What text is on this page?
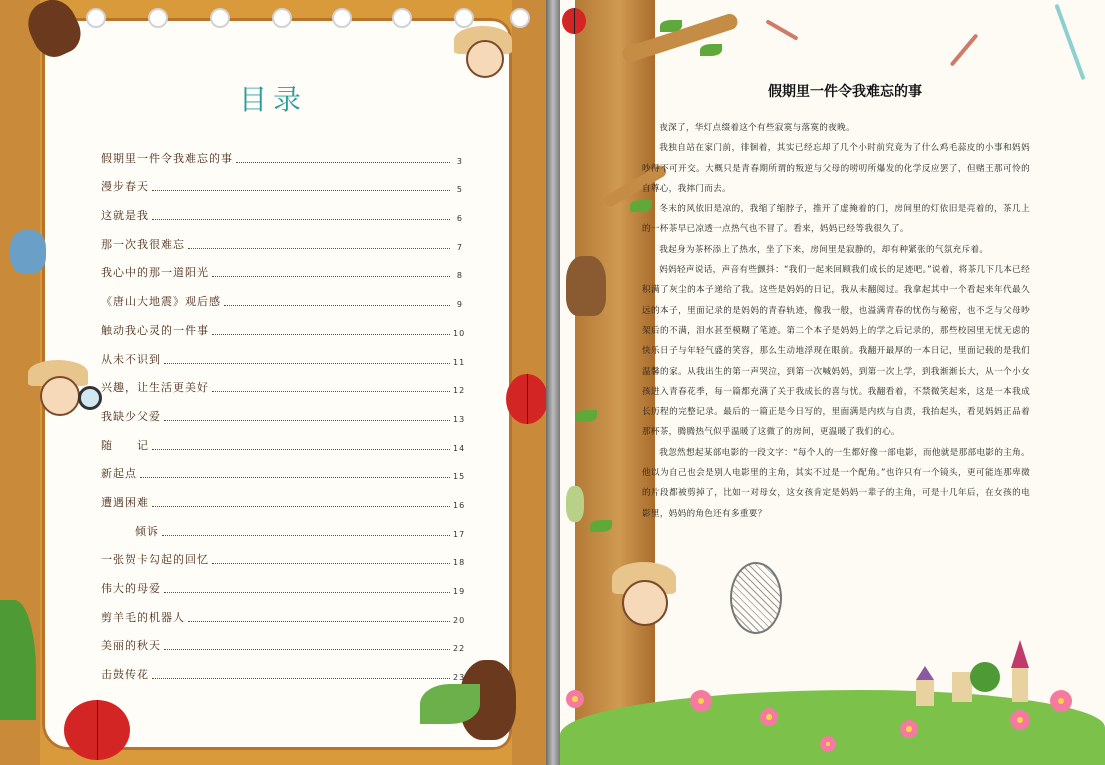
目录
假期里一件令我难忘的事	3
漫步春天	5
这就是我	6
那一次我很难忘	7
我心中的那一道阳光	8
《唐山大地震》观后感	9
触动我心灵的一件事	10
从未不识到	11
兴趣，让生活更美好	12
我缺少父爱	13
随　　记	14
新起点	15
遭遇困难	16
倾诉	17
一张贺卡勾起的回忆	18
伟大的母爱	19
剪羊毛的机器人	20
美丽的秋天	22
击鼓传花	23
假期里一件令我难忘的事

夜深了，华灯点缀着这个有些寂寞与落寞的夜晚。

我独自站在家门前，徘徊着，其实已经忘却了几个小时前究竟为了什么鸡毛蒜皮的小事和妈妈吵得不可开交。大概只是青春期所谓的叛逆与父母的唠叨所爆发的化学反应罢了，但赌王那可怜的自尊心，我摔门而去。

冬末的风依旧是凉的，我缩了缩脖子，推开了虚掩着的门，房间里的灯依旧是亮着的，茶几上的一杯茶早已凉透一点热气也不冒了。看来，妈妈已经等我很久了。

我起身为茶杯添上了热水，坐了下来，房间里是寂静的，却有种紧张的气氛充斥着。

妈妈轻声说话，声音有些颤抖：“我们一起来回顾我们成长的足迹吧。”说着，将茶几下几本已经积满了灰尘的本子递给了我。这些是妈妈的日记，我从未翻阅过。我拿起其中一个看起来年代最久远的本子，里面记录的是妈妈的青春轨迹，像我一般，也溢满青春的忧伤与秘密，也不乏与父母吵架后的不满，泪水甚至模糊了笔迹。第二个本子是妈妈上的学之后记录的，那些校园里无忧无虑的快乐日子与年轻气盛的笑容，那么生动地浮现在眼前。我翻开最厚的一本日记，里面记载的是我们温馨的家。从我出生的第一声哭泣，到第一次喊妈妈，到第一次上学，到我渐渐长大，从一个小女孩进入青春花季，每一篇都充满了关于我成长的喜与忧。我翻看着，不禁微笑起来，这是一本我成长历程的完整记录。最后的一篇正是今日写的，里面满是内疚与自责，我抬起头，看见妈妈正品着那杯茶，腾腾热气似乎温暖了这微了的房间，更温暖了我们的心。

我忽然想起某部电影的一段文字：“每个人的一生都好像一部电影，而他就是那部电影的主角。他以为自己也会是别人电影里的主角，其实不过是一个配角。”也许只有一个镜头，更可能连那卑微的片段都被剪掉了，比如一对母女，这女孩肯定是妈妈一辈子的主角，可是十几年后，在女孩的电影里，妈妈的角色还有多重要？
